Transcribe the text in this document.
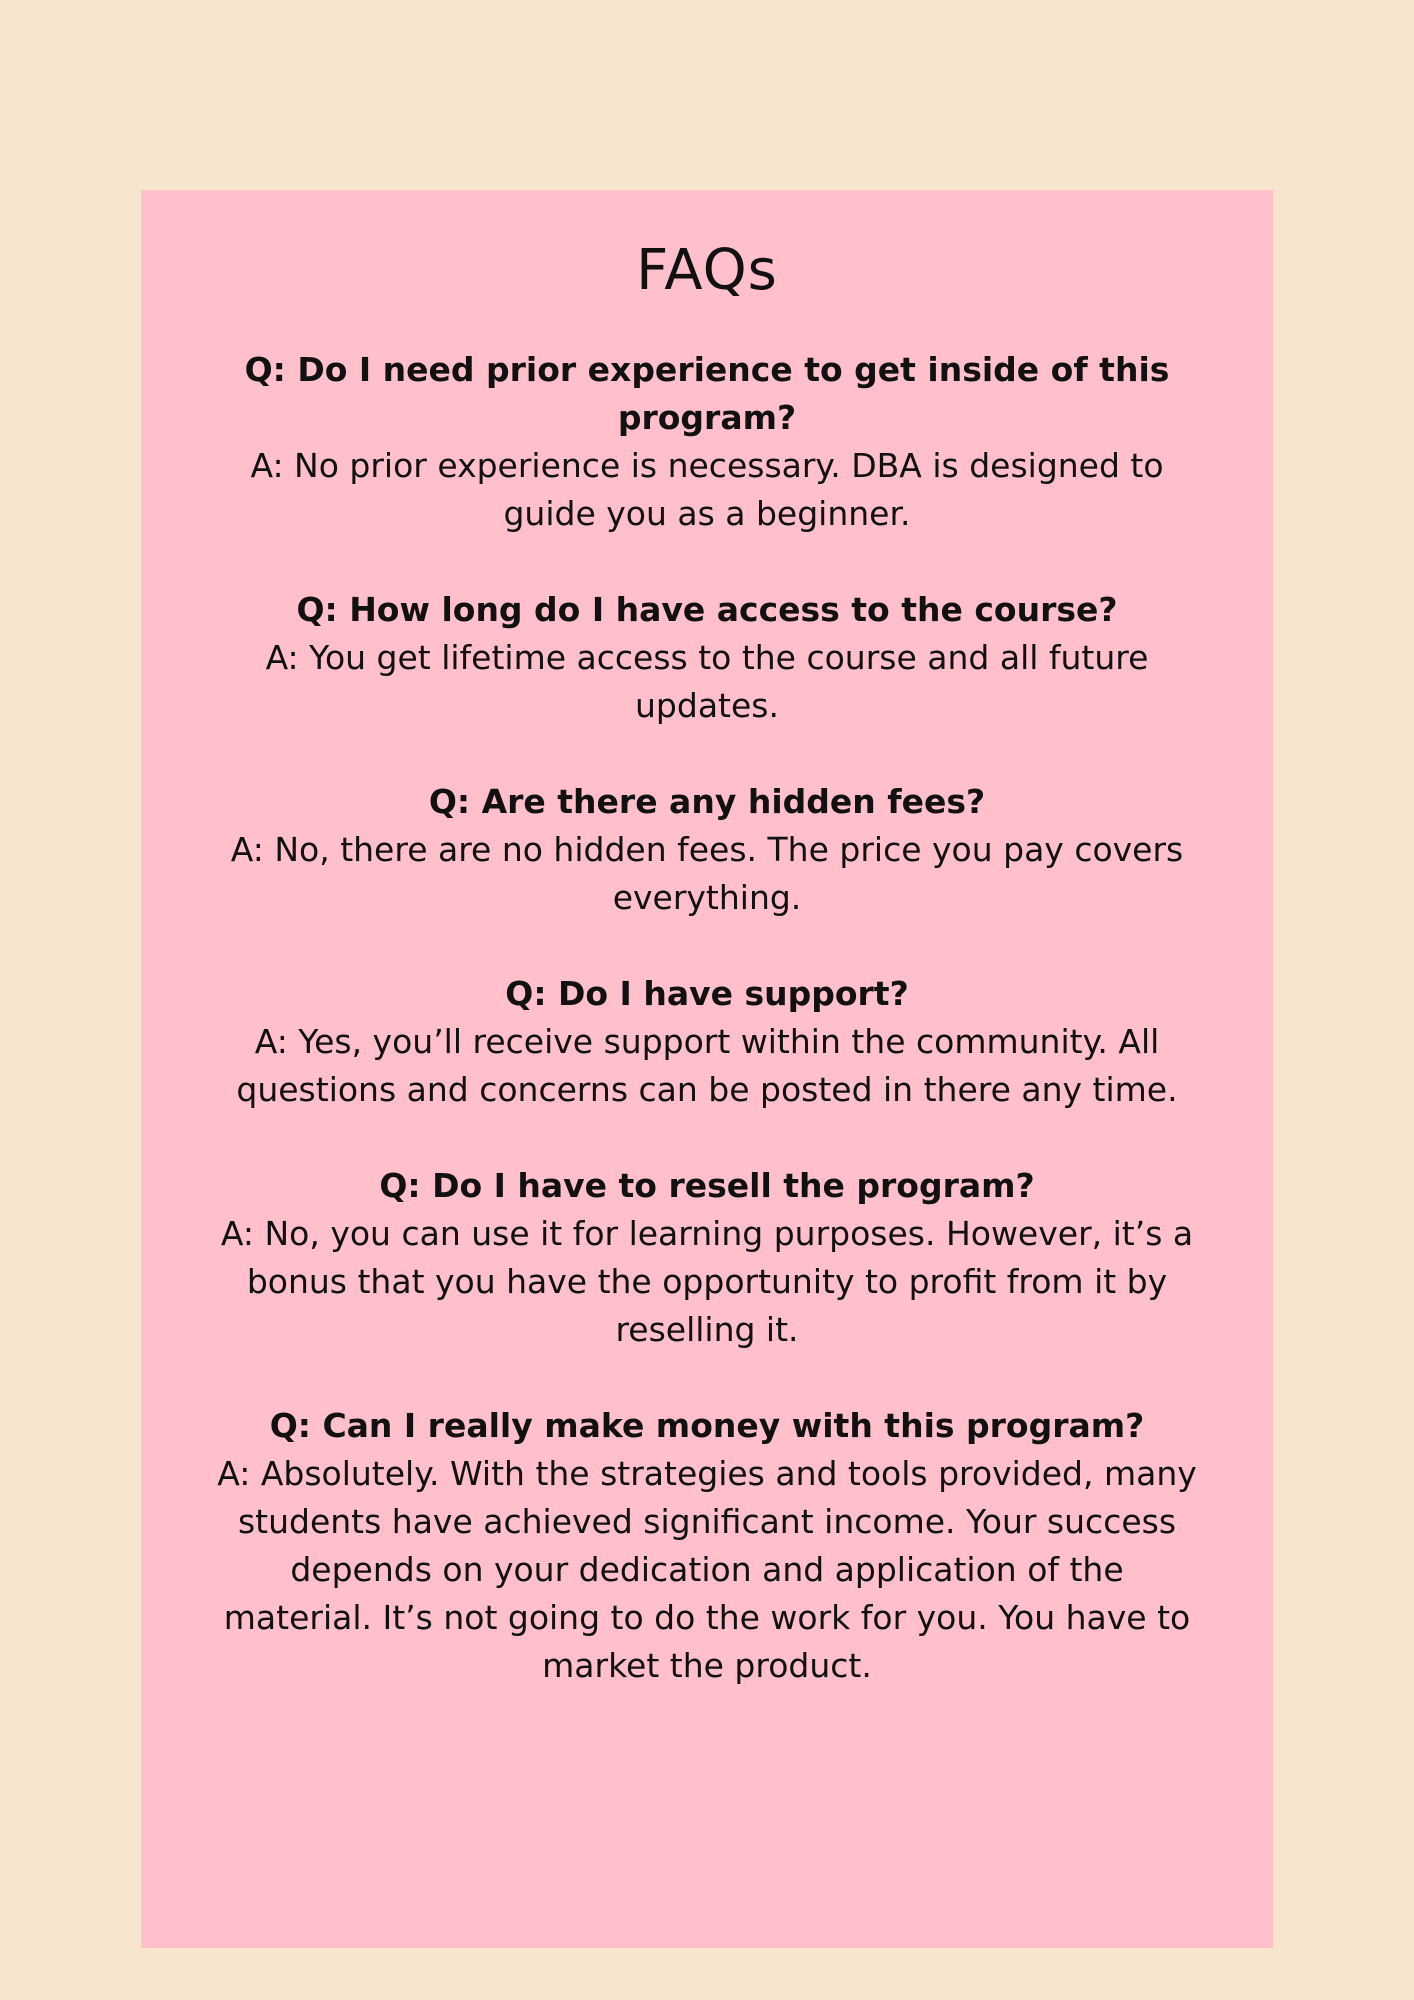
FAQs

Q: Do I need prior experience to get inside of this program?

A: No prior experience is necessary. DBA is designed to guide you as a beginner.

Q: How long do I have access to the course?

A: You get lifetime access to the course and all future updates.

Q: Are there any hidden fees?

A: No, there are no hidden fees. The price you pay covers everything.

Q: Do I have support?

A: Yes, you’ll receive support within the community. All questions and concerns can be posted in there any time.

Q: Do I have to resell the program?

A: No, you can use it for learning purposes. However, it’s a bonus that you have the opportunity to profit from it by reselling it.

Q: Can I really make money with this program?

A: Absolutely. With the strategies and tools provided, many students have achieved significant income. Your success depends on your dedication and application of the material. It’s not going to do the work for you. You have to market the product.
